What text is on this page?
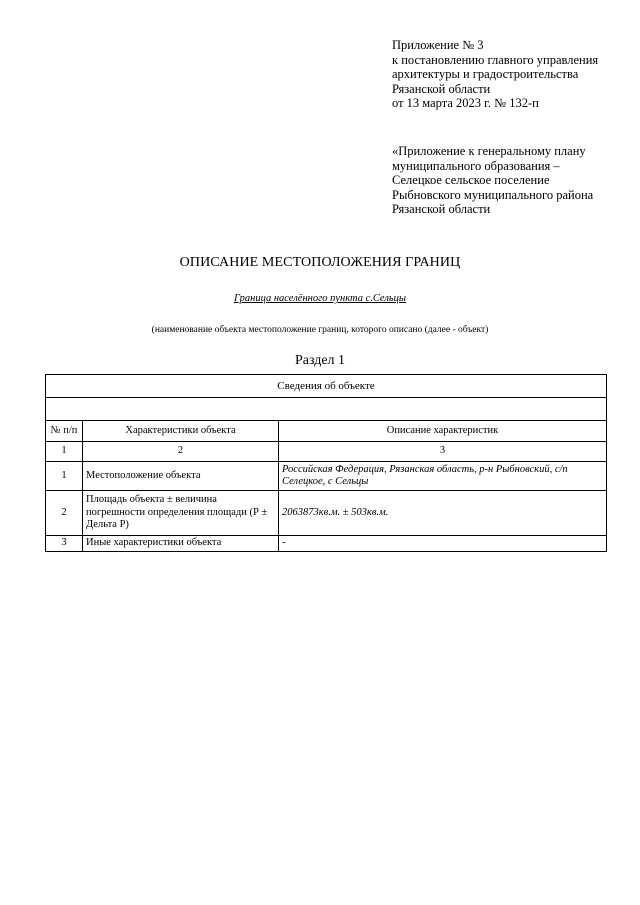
Приложение № 3
к постановлению главного управления
архитектуры и градостроительства
Рязанской области
от 13 марта 2023 г. № 132-п
«Приложение к генеральному плану
муниципального образования –
Селецкое сельское поселение
Рыбновского муниципального района
Рязанской области
ОПИСАНИЕ МЕСТОПОЛОЖЕНИЯ ГРАНИЦ
Граница населённого пункта с.Сельцы
(наименование объекта местоположение границ, которого описано (далее - объект)
Раздел 1
Сведения об объекте		

№ п/п	Характеристики объекта	Описание характеристик
1	2	3
1	Местоположение объекта	Российская Федерация, Рязанская область, р-н Рыбновский, с/п Селецкое, с Сельцы
2	Площадь объекта ± величина погрешности определения площади (Р ± Дельта Р)	2063873кв.м. ± 503кв.м.
3	Иные характеристики объекта	-
